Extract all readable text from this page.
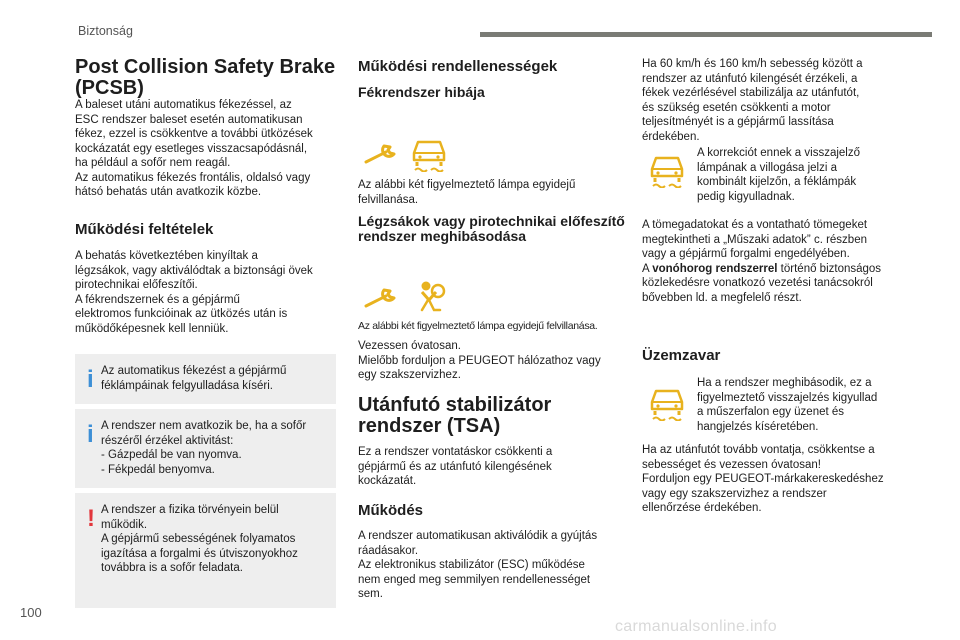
Biztonság
100
carmanualsonline.info
Post Collision Safety Brake (PCSB)

A baleset utáni automatikus fékezéssel, az
ESC rendszer baleset esetén automatikusan
fékez, ezzel is csökkentve a további ütközések
kockázatát egy esetleges visszacsapódásnál,
ha például a sofőr nem reagál.
Az automatikus fékezés frontális, oldalsó vagy
hátsó behatás után avatkozik közbe.

Működési feltételek

A behatás következtében kinyíltak a
légzsákok, vagy aktiválódtak a biztonsági övek
pirotechnikai előfeszítői.
A fékrendszernek és a gépjármű
elektromos funkcióinak az ütközés után is
működőképesnek kell lenniük.

i Az automatikus fékezést a gépjármű
féklámpáinak felgyulladása kíséri.

i A rendszer nem avatkozik be, ha a sofőr
részéről érzékel aktivitást:
- Gázpedál be van nyomva.
- Fékpedál benyomva.

! A rendszer a fizika törvényein belül
működik.
A gépjármű sebességének folyamatos
igazítása a forgalmi és útviszonyokhoz
továbbra is a sofőr feladata.

Működési rendellenességek
Fékrendszer hibája

Az alábbi két figyelmeztető lámpa egyidejű
felvillanása.

Légzsákok vagy pirotechnikai előfeszítő rendszer meghibásodása

Az alábbi két figyelmeztető lámpa egyidejű felvillanása.

Vezessen óvatosan.
Mielőbb forduljon a PEUGEOT hálózathoz vagy
egy szakszervizhez.

Utánfutó stabilizátor rendszer (TSA)

Ez a rendszer vontatáskor csökkenti a
gépjármű és az utánfutó kilengésének
kockázatát.

Működés

A rendszer automatikusan aktiválódik a gyújtás
ráadásakor.
Az elektronikus stabilizátor (ESC) működése
nem enged meg semmilyen rendellenességet
sem.

Ha 60 km/h és 160 km/h sebesség között a
rendszer az utánfutó kilengését érzékeli, a
fékek vezérlésével stabilizálja az utánfutót,
és szükség esetén csökkenti a motor
teljesítményét is a gépjármű lassítása
érdekében.

A korrekciót ennek a visszajelző
lámpának a villogása jelzi a
kombinált kijelzőn, a féklámpák
pedig kigyulladnak.

A tömegadatokat és a vontatható tömegeket
megtekintheti a „Műszaki adatok” c. részben
vagy a gépjármű forgalmi engedélyében.
A vonóhorog rendszerrel történő biztonságos
közlekedésre vonatkozó vezetési tanácsokról
bővebben ld. a megfelelő részt.

Üzemzavar

Ha a rendszer meghibásodik, ez a
figyelmeztető visszajelzés kigyullad
a műszerfalon egy üzenet és
hangjelzés kíséretében.

Ha az utánfutót tovább vontatja, csökkentse a
sebességet és vezessen óvatosan!
Forduljon egy PEUGEOT-márkakereskedéshez
vagy egy szakszervizhez a rendszer
ellenőrzése érdekében.
